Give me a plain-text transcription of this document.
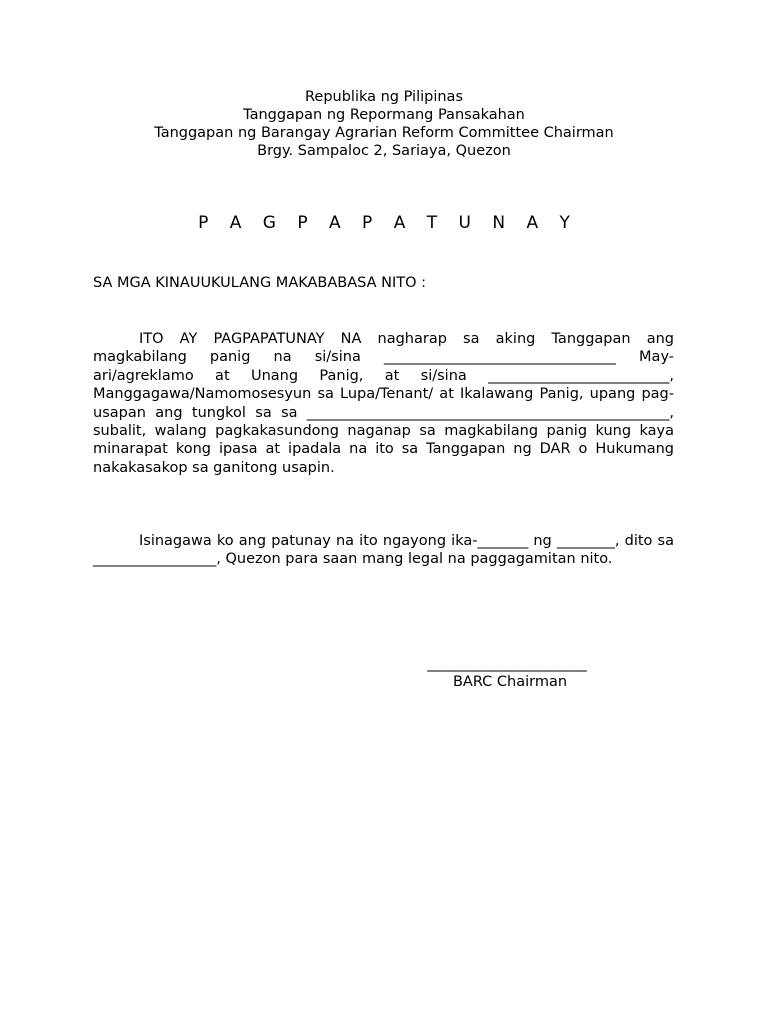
Republika ng Pilipinas
Tanggapan ng Repormang Pansakahan
Tanggapan ng Barangay Agrarian Reform Committee Chairman
Brgy. Sampaloc 2, Sariaya, Quezon
P A G P A P A T U N A Y
SA MGA KINAUUKULANG MAKABABASA NITO :
ITO AY PAGPAPATUNAY NA nagharap sa aking Tanggapan ang magkabilang panig na si/sina ________________________________ May-ari/agreklamo at Unang Panig, at si/sina _________________________, Manggagawa/Namomosesyun sa Lupa/Tenant/ at Ikalawang Panig, upang pag-usapan ang tungkol sa sa __________________________________________________, subalit, walang pagkakasundong naganap sa magkabilang panig kung kaya minarapat kong ipasa at ipadala na ito sa Tanggapan ng DAR o Hukumang nakakasakop sa ganitong usapin.
Isinagawa ko ang patunay na ito ngayong ika-_______ ng ________, dito sa _________________, Quezon para saan mang legal na paggagamitan nito.
______________________
BARC Chairman
